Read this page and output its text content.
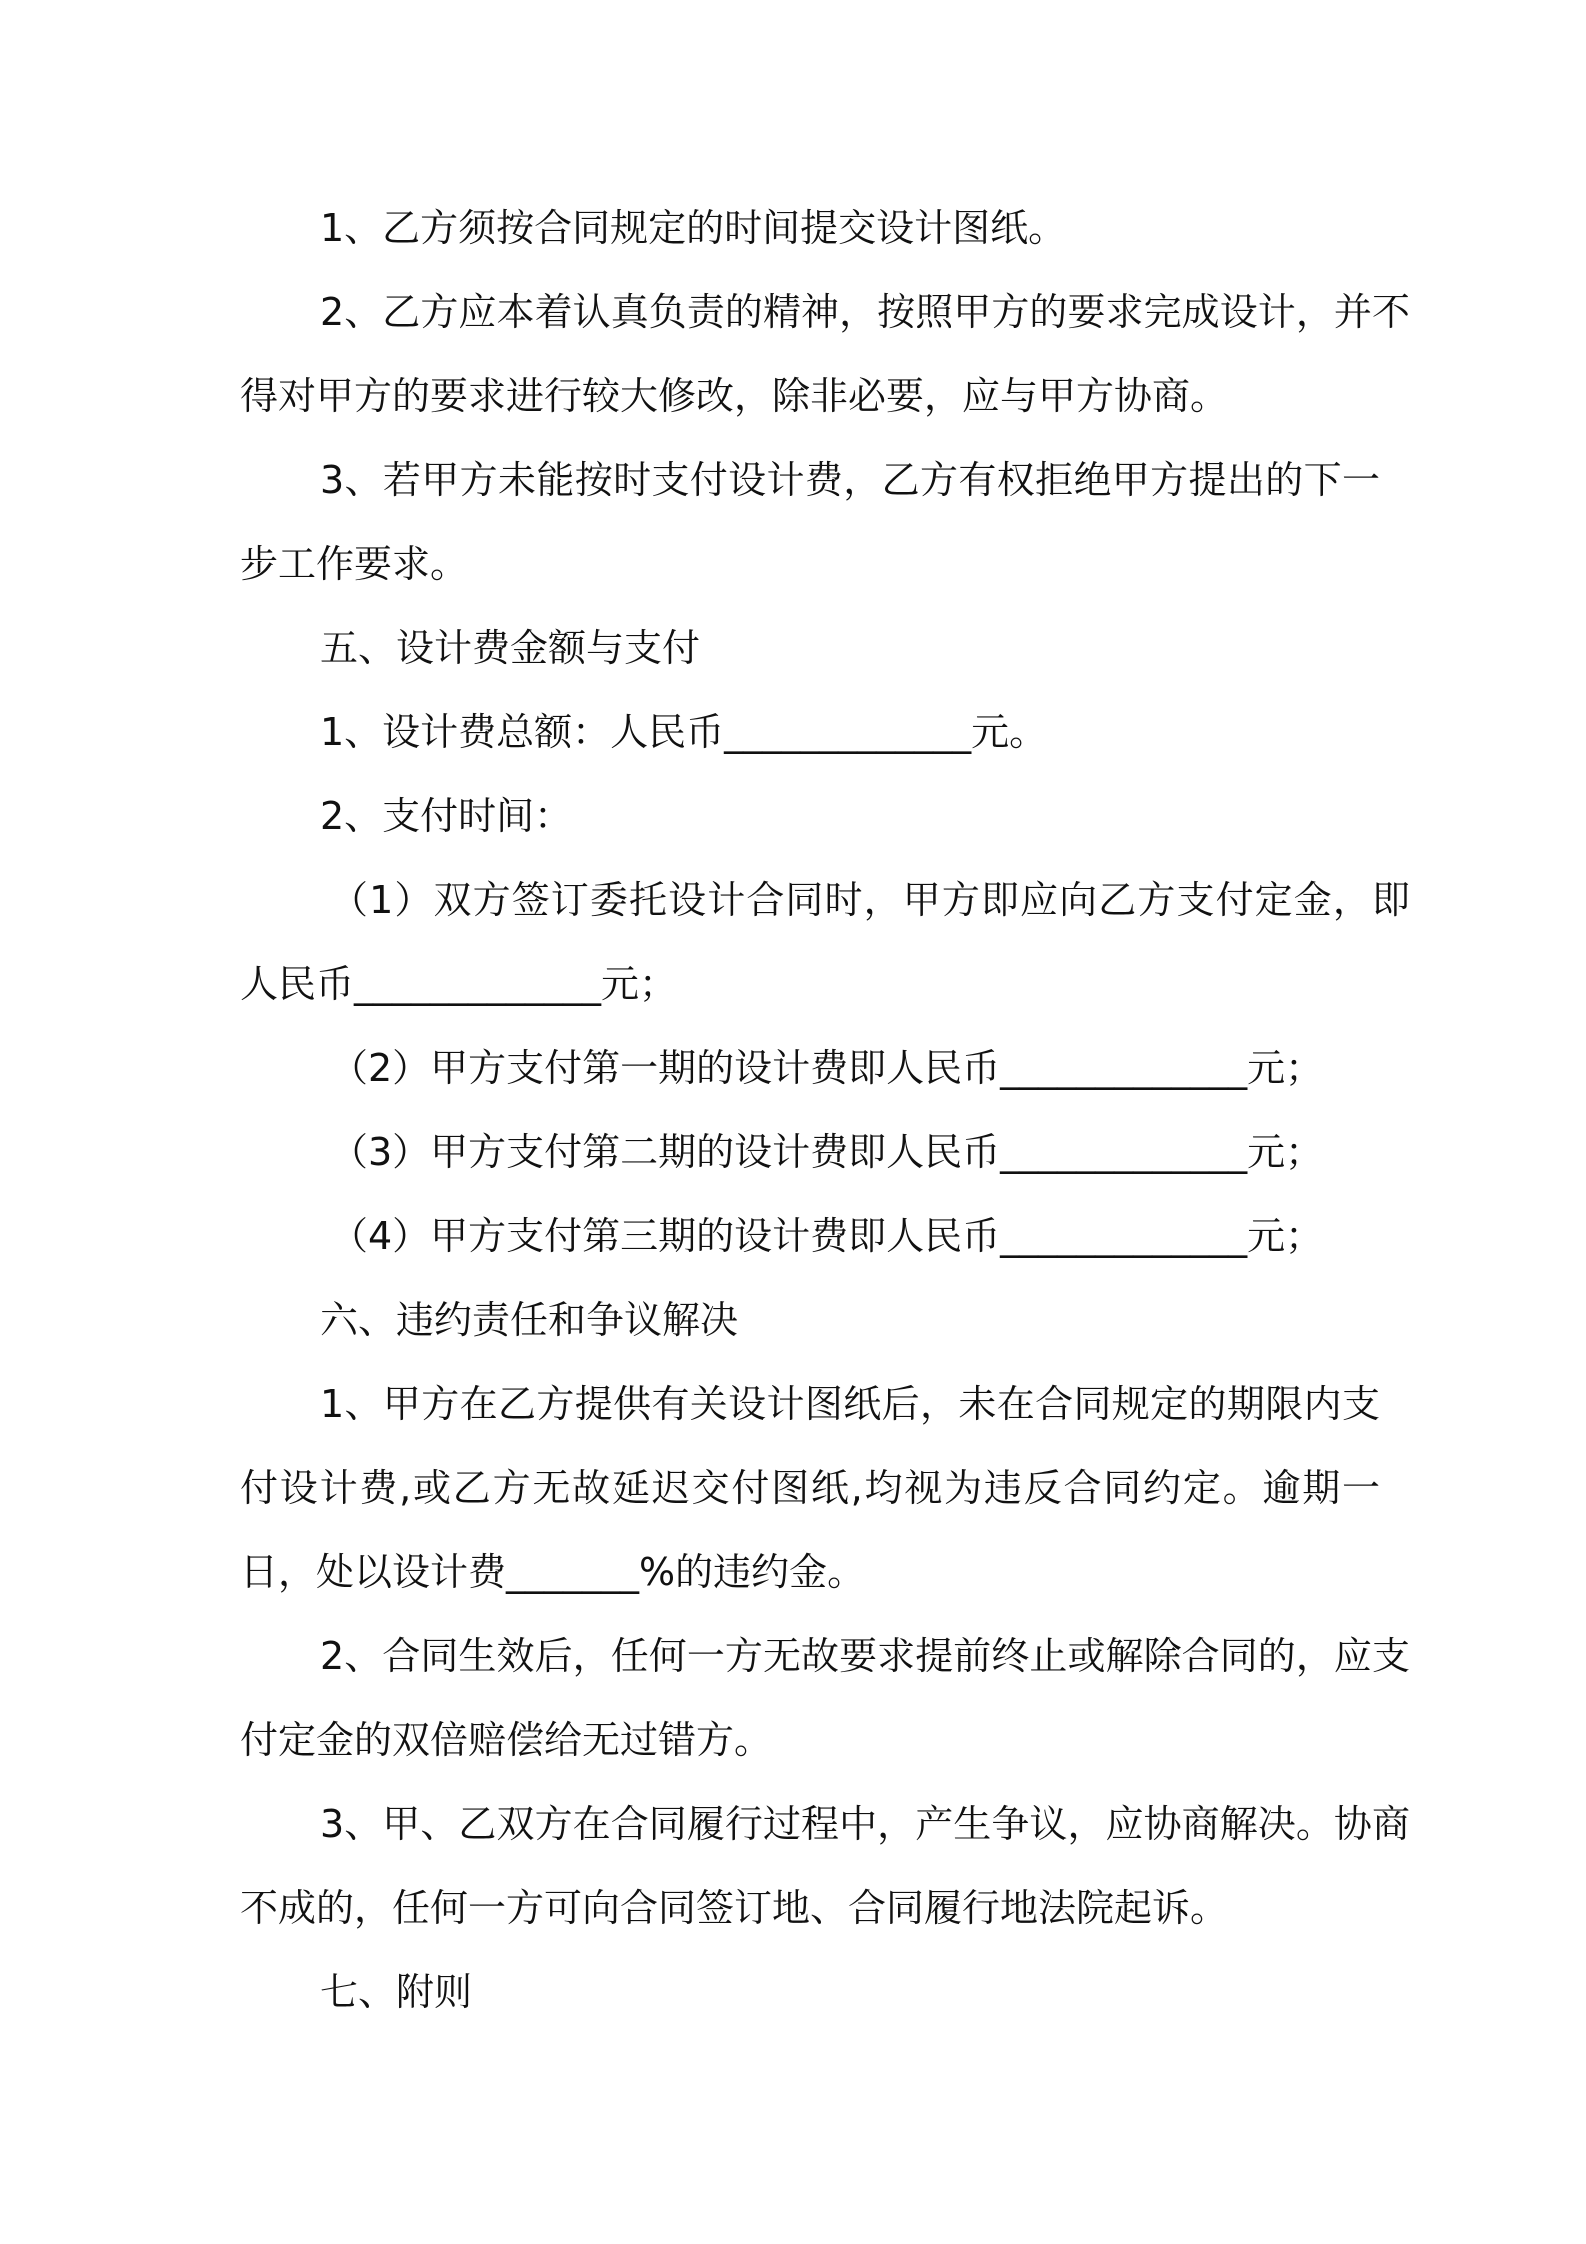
1、乙方须按合同规定的时间提交设计图纸。

2、乙方应本着认真负责的精神，按照甲方的要求完成设计，并不得对甲方的要求进行较大修改，除非必要，应与甲方协商。

3、若甲方未能按时支付设计费，乙方有权拒绝甲方提出的下一步工作要求。

五、设计费金额与支付

1、设计费总额：人民币_____________元。

2、支付时间：

（1）双方签订委托设计合同时，甲方即应向乙方支付定金，即人民币_____________元；

（2）甲方支付第一期的设计费即人民币_____________元；

（3）甲方支付第二期的设计费即人民币_____________元；

（4）甲方支付第三期的设计费即人民币_____________元；

六、违约责任和争议解决

1、甲方在乙方提供有关设计图纸后，未在合同规定的期限内支付设计费,或乙方无故延迟交付图纸,均视为违反合同约定。逾期一日，处以设计费_______%的违约金。

2、合同生效后，任何一方无故要求提前终止或解除合同的，应支付定金的双倍赔偿给无过错方。

3、甲、乙双方在合同履行过程中，产生争议，应协商解决。协商不成的，任何一方可向合同签订地、合同履行地法院起诉。

七、附则
